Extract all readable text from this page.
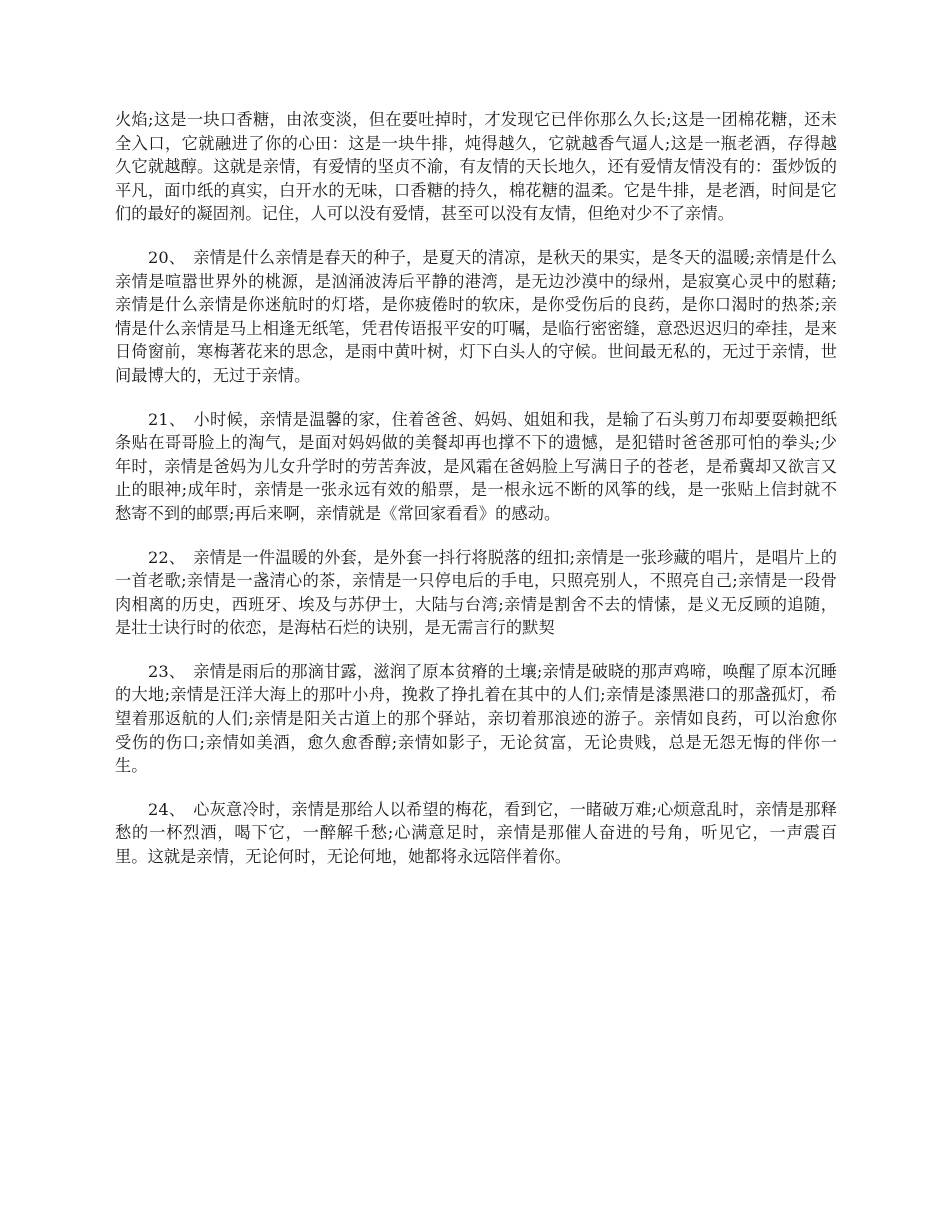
火焰;这是一块口香糖，由浓变淡，但在要吐掉时，才发现它已伴你那么久长;这是一团棉花糖，还未全入口，它就融进了你的心田：这是一块牛排，炖得越久，它就越香气逼人;这是一瓶老酒，存得越久它就越醇。这就是亲情，有爱情的坚贞不渝，有友情的天长地久，还有爱情友情没有的：蛋炒饭的平凡，面巾纸的真实，白开水的无味，口香糖的持久，棉花糖的温柔。它是牛排，是老酒，时间是它们的最好的凝固剂。记住，人可以没有爱情，甚至可以没有友情，但绝对少不了亲情。

20、 亲情是什么亲情是春天的种子，是夏天的清凉，是秋天的果实，是冬天的温暖;亲情是什么亲情是喧嚣世界外的桃源，是汹涌波涛后平静的港湾，是无边沙漠中的绿州，是寂寞心灵中的慰藉;亲情是什么亲情是你迷航时的灯塔，是你疲倦时的软床，是你受伤后的良药，是你口渴时的热茶;亲情是什么亲情是马上相逢无纸笔，凭君传语报平安的叮嘱，是临行密密缝，意恐迟迟归的牵挂，是来日倚窗前，寒梅著花来的思念，是雨中黄叶树，灯下白头人的守候。世间最无私的，无过于亲情，世间最博大的，无过于亲情。

21、 小时候，亲情是温馨的家，住着爸爸、妈妈、姐姐和我，是输了石头剪刀布却要耍赖把纸条贴在哥哥脸上的淘气，是面对妈妈做的美餐却再也撑不下的遗憾，是犯错时爸爸那可怕的拳头;少年时，亲情是爸妈为儿女升学时的劳苦奔波，是风霜在爸妈脸上写满日子的苍老，是希冀却又欲言又止的眼神;成年时，亲情是一张永远有效的船票，是一根永远不断的风筝的线，是一张贴上信封就不愁寄不到的邮票;再后来啊，亲情就是《常回家看看》的感动。

22、 亲情是一件温暖的外套，是外套一抖行将脱落的纽扣;亲情是一张珍藏的唱片，是唱片上的一首老歌;亲情是一盏清心的茶，亲情是一只停电后的手电，只照亮别人，不照亮自己;亲情是一段骨肉相离的历史，西班牙、埃及与苏伊士，大陆与台湾;亲情是割舍不去的情愫，是义无反顾的追随，是壮士诀行时的依恋，是海枯石烂的诀别，是无需言行的默契

23、 亲情是雨后的那滴甘露，滋润了原本贫瘠的土壤;亲情是破晓的那声鸡啼，唤醒了原本沉睡的大地;亲情是汪洋大海上的那叶小舟，挽救了挣扎着在其中的人们;亲情是漆黑港口的那盏孤灯，希望着那返航的人们;亲情是阳关古道上的那个驿站，亲切着那浪迹的游子。亲情如良药，可以治愈你受伤的伤口;亲情如美酒，愈久愈香醇;亲情如影子，无论贫富，无论贵贱，总是无怨无悔的伴你一生。

24、 心灰意冷时，亲情是那给人以希望的梅花，看到它，一睹破万难;心烦意乱时，亲情是那释愁的一杯烈酒，喝下它，一醉解千愁;心满意足时，亲情是那催人奋进的号角，听见它，一声震百里。这就是亲情，无论何时，无论何地，她都将永远陪伴着你。
